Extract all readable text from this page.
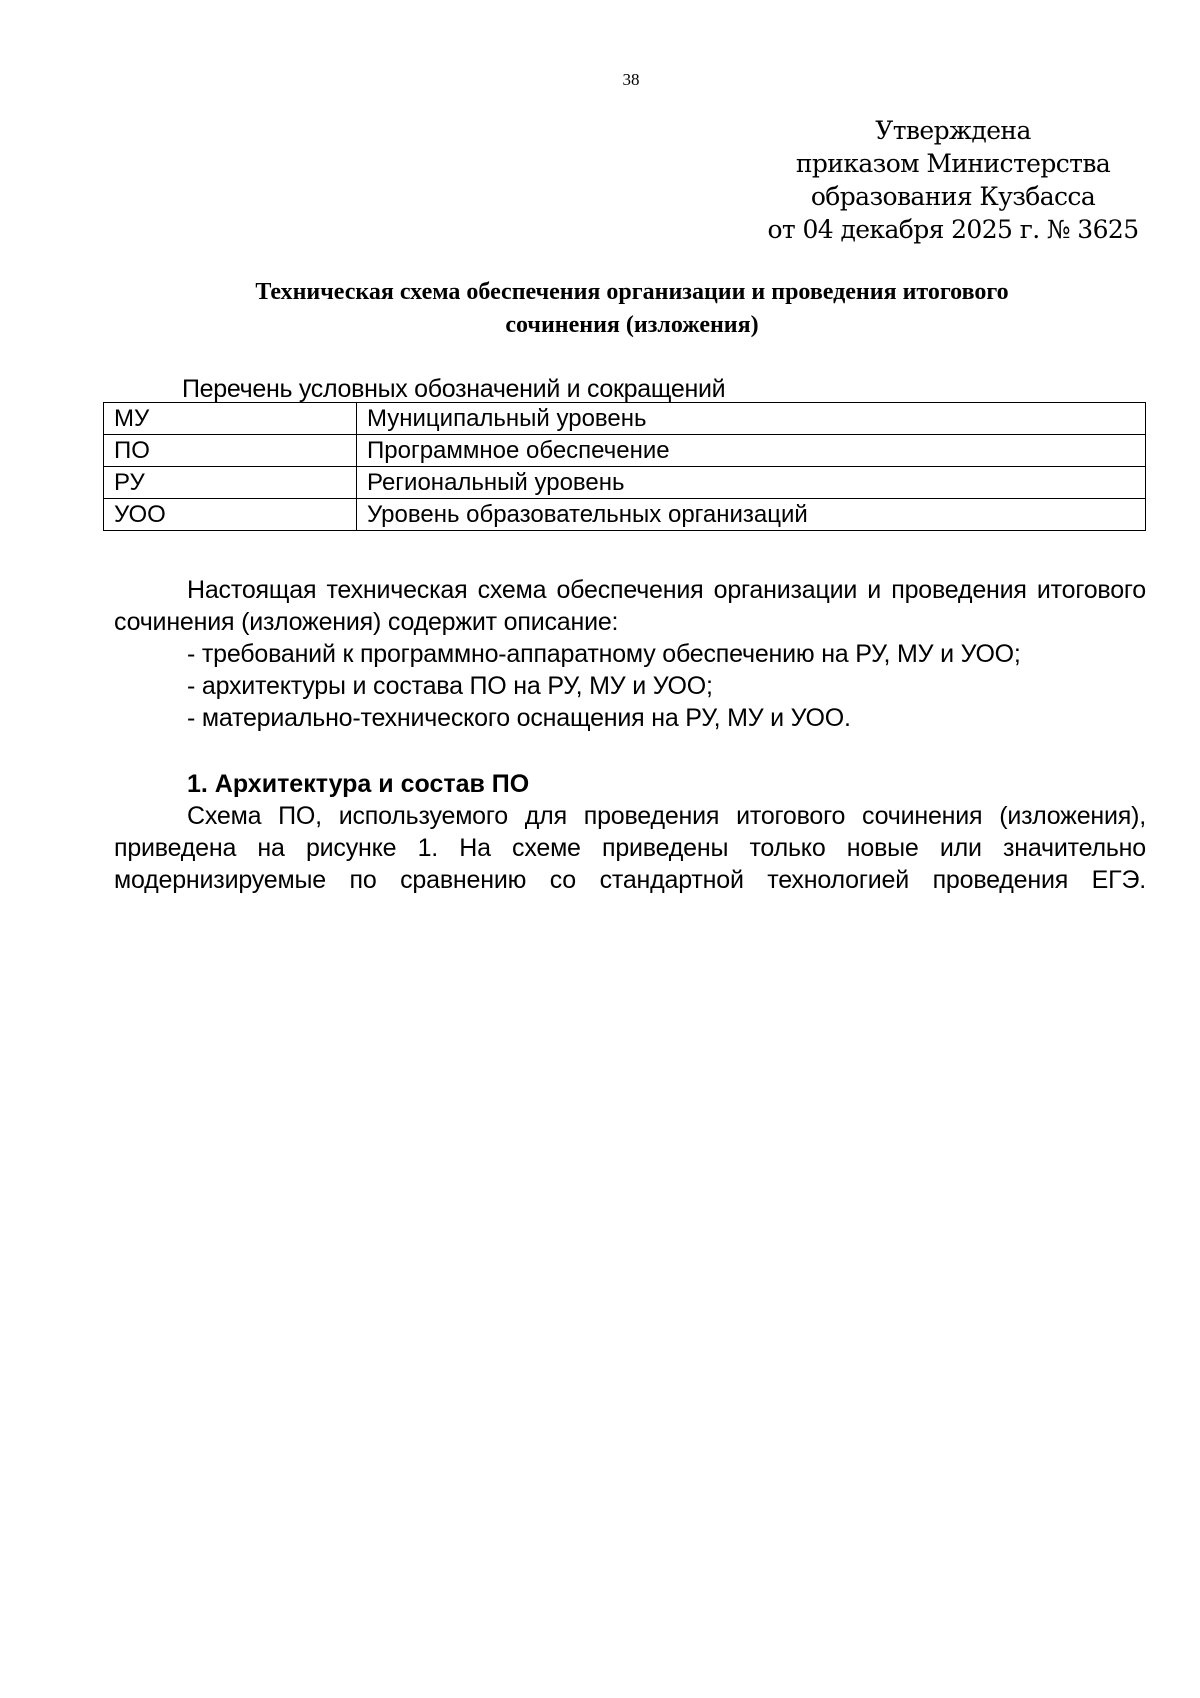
38
Утверждена
приказом Министерства
образования Кузбасса
от 04 декабря 2025 г. № 3625
Техническая схема обеспечения организации и проведения итогового
сочинения (изложения)
Перечень условных обозначений и сокращений
МУ	Муниципальный уровень
ПО	Программное обеспечение
РУ	Региональный уровень
УОО	Уровень образовательных организаций

Настоящая техническая схема обеспечения организации и проведения итогового сочинения (изложения) содержит описание:

- требований к программно-аппаратному обеспечению на РУ, МУ и УОО;

- архитектуры и состава ПО на РУ, МУ и УОО;

- материально-технического оснащения на РУ, МУ и УОО.

1. Архитектура и состав ПО

Схема ПО, используемого для проведения итогового сочинения (изложения),

приведена на рисунке 1. На схеме приведены только новые или значительно

модернизируемые по сравнению со стандартной технологией проведения ЕГЭ.
